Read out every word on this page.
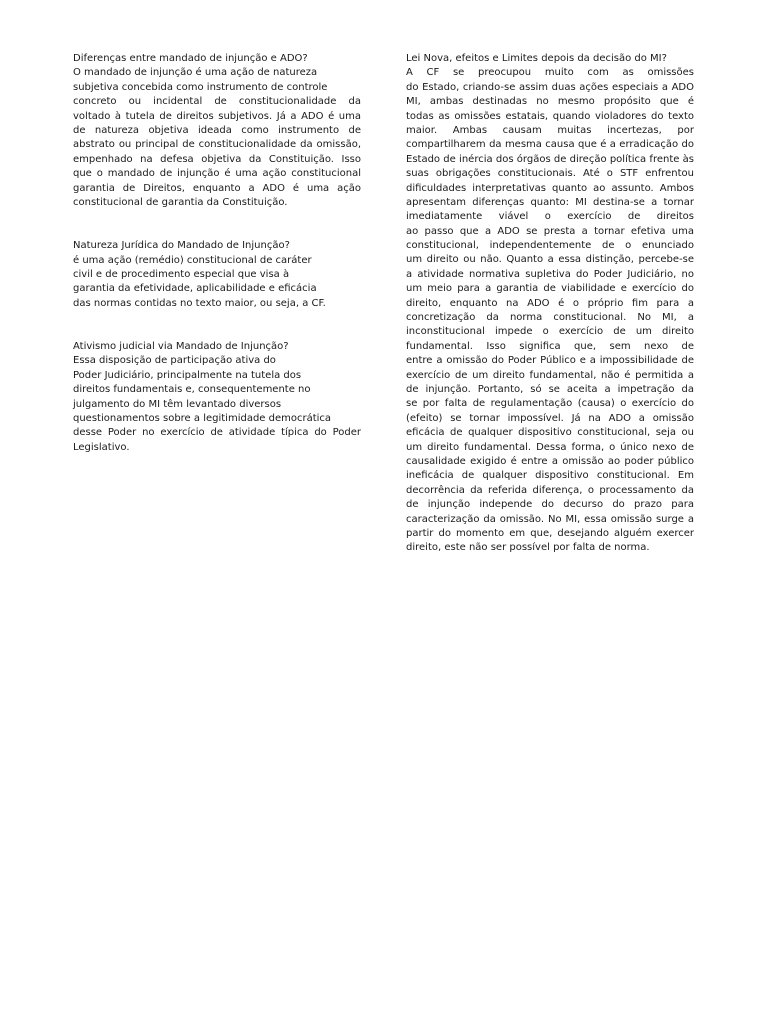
Diferenças entre mandado de injunção e ADO?
O mandado de injunção é uma ação de natureza
subjetiva concebida como instrumento de controle
concreto ou incidental de constitucionalidade da
voltado à tutela de direitos subjetivos. Já a ADO é uma
de natureza objetiva ideada como instrumento de
abstrato ou principal de constitucionalidade da omissão,
empenhado na defesa objetiva da Constituição. Isso
que o mandado de injunção é uma ação constitucional
garantia de Direitos, enquanto a ADO é uma ação
constitucional de garantia da Constituição.
Natureza Jurídica do Mandado de Injunção?
é uma ação (remédio) constitucional de caráter
civil e de procedimento especial que visa à
garantia da efetividade, aplicabilidade e eficácia
das normas contidas no texto maior, ou seja, a CF.
Ativismo judicial via Mandado de Injunção?
Essa disposição de participação ativa do
Poder Judiciário, principalmente na tutela dos
direitos fundamentais e, consequentemente no
julgamento do MI têm levantado diversos
questionamentos sobre a legitimidade democrática
desse Poder no exercício de atividade típica do Poder
Legislativo.
Lei Nova, efeitos e Limites depois da decisão do MI?
A CF se preocupou muito com as omissões
do Estado, criando-se assim duas ações especiais a ADO
MI, ambas destinadas no mesmo propósito que é
todas as omissões estatais, quando violadores do texto
maior. Ambas causam muitas incertezas, por
compartilharem da mesma causa que é a erradicação do
Estado de inércia dos órgãos de direção política frente às
suas obrigações constitucionais. Até o STF enfrentou
dificuldades interpretativas quanto ao assunto. Ambos
apresentam diferenças quanto: MI destina-se a tornar
imediatamente viável o exercício de direitos
ao passo que a ADO se presta a tornar efetiva uma
constitucional, independentemente de o enunciado
um direito ou não. Quanto a essa distinção, percebe-se
a atividade normativa supletiva do Poder Judiciário, no
um meio para a garantia de viabilidade e exercício do
direito, enquanto na ADO é o próprio fim para a
concretização da norma constitucional. No MI, a
inconstitucional impede o exercício de um direito
fundamental. Isso significa que, sem nexo de
entre a omissão do Poder Público e a impossibilidade de
exercício de um direito fundamental, não é permitida a
de injunção. Portanto, só se aceita a impetração da
se por falta de regulamentação (causa) o exercício do
(efeito) se tornar impossível. Já na ADO a omissão
eficácia de qualquer dispositivo constitucional, seja ou
um direito fundamental. Dessa forma, o único nexo de
causalidade exigido é entre a omissão ao poder público
ineficácia de qualquer dispositivo constitucional. Em
decorrência da referida diferença, o processamento da
de injunção independe do decurso do prazo para
caracterização da omissão. No MI, essa omissão surge a
partir do momento em que, desejando alguém exercer
direito, este não ser possível por falta de norma.
